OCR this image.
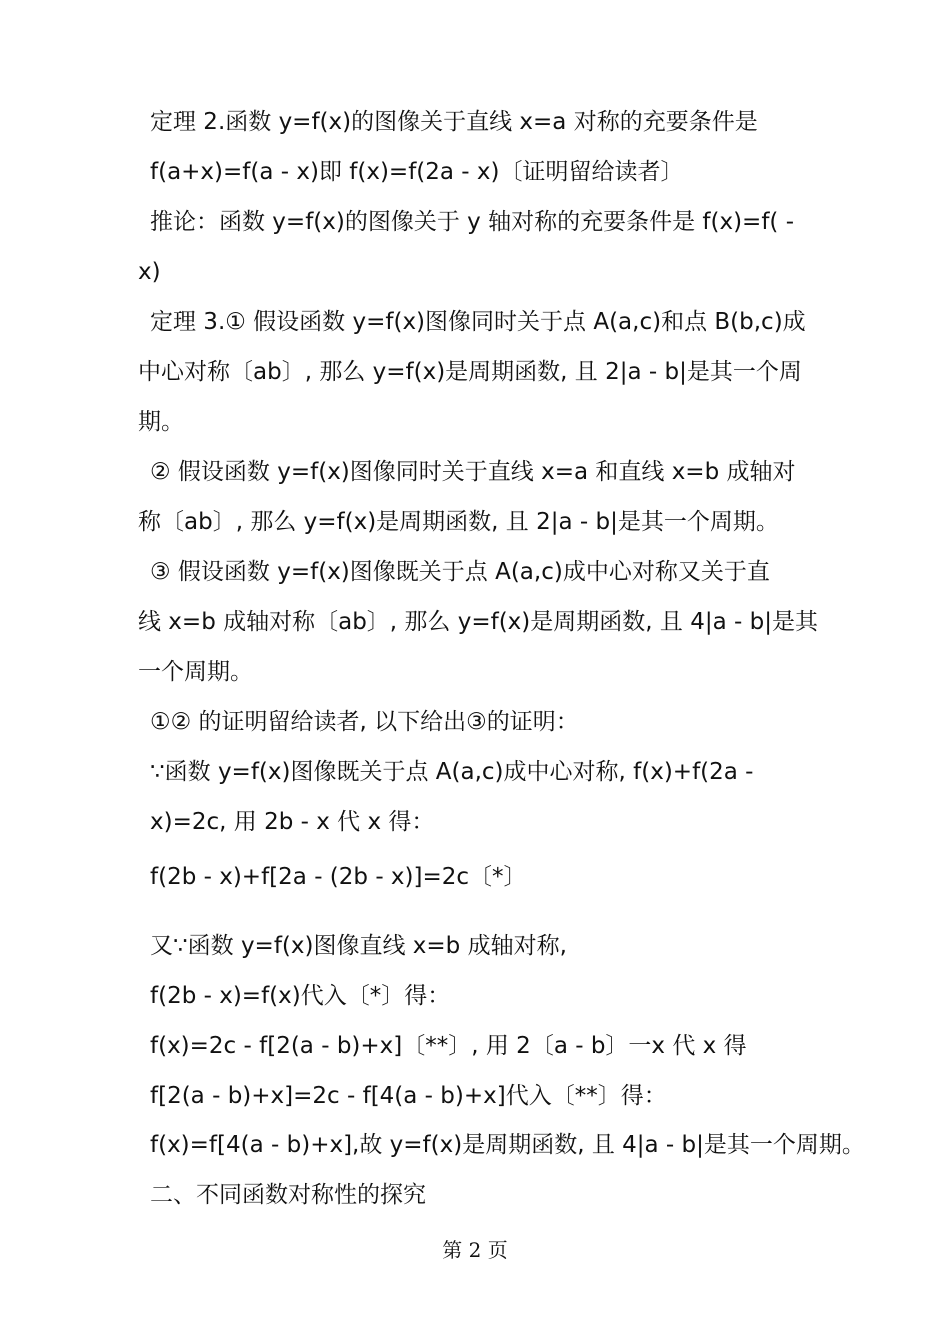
定理 2.函数 y=f(x)的图像关于直线 x=a 对称的充要条件是
f(a+x)=f(a - x)即 f(x)=f(2a - x)〔证明留给读者〕
推论：函数 y=f(x)的图像关于 y 轴对称的充要条件是 f(x)=f( -
x)
定理 3.① 假设函数 y=f(x)图像同时关于点 A(a,c)和点 B(b,c)成
中心对称〔ab〕, 那么 y=f(x)是周期函数, 且 2|a - b|是其一个周
期。
② 假设函数 y=f(x)图像同时关于直线 x=a 和直线 x=b 成轴对
称〔ab〕, 那么 y=f(x)是周期函数, 且 2|a - b|是其一个周期。
③ 假设函数 y=f(x)图像既关于点 A(a,c)成中心对称又关于直
线 x=b 成轴对称〔ab〕, 那么 y=f(x)是周期函数, 且 4|a - b|是其
一个周期。
①② 的证明留给读者, 以下给出③的证明：
∵函数 y=f(x)图像既关于点 A(a,c)成中心对称, f(x)+f(2a -
x)=2c, 用 2b - x 代 x 得：
f(2b - x)+f[2a - (2b - x)]=2c〔*〕
又∵函数 y=f(x)图像直线 x=b 成轴对称,
f(2b - x)=f(x)代入〔*〕得：
f(x)=2c - f[2(a - b)+x]〔**〕, 用 2〔a - b〕一x 代 x 得
f[2(a - b)+x]=2c - f[4(a - b)+x]代入〔**〕得：
f(x)=f[4(a - b)+x],故 y=f(x)是周期函数, 且 4|a - b|是其一个周期。
二、不同函数对称性的探究
第 2 页
